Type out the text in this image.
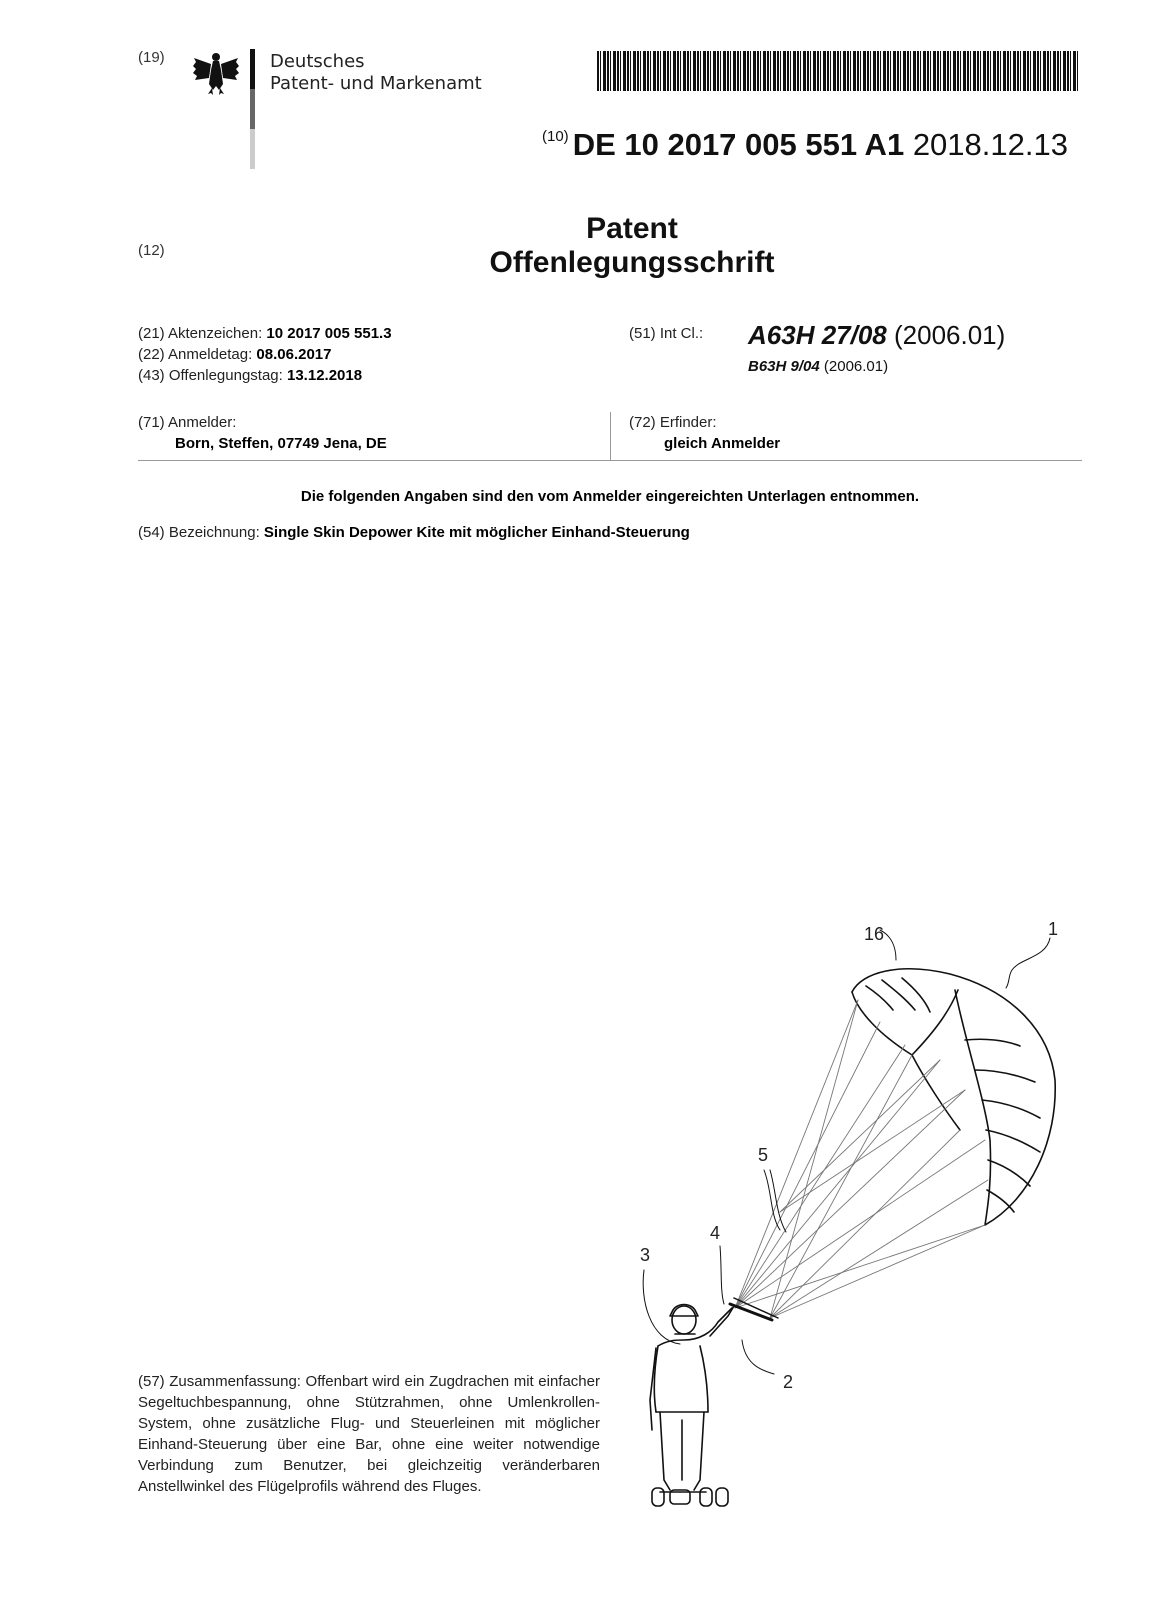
(19)	Deutsches
Patent- und Markenamt
$^{(10)}$ DE 10 2017 005 551 A1 2018.12.13
(12)
Patent
Offenlegungsschrift
(21) Aktenzeichen: 10 2017 005 551.3
(22) Anmeldetag: 08.06.2017
(43) Offenlegungstag: 13.12.2018
(51) Int Cl.: A63H 27/08 (2006.01)
B63H 9/04 (2006.01)
(71) Anmelder:
Born, Steffen, 07749 Jena, DE
(72) Erfinder:
gleich Anmelder
Die folgenden Angaben sind den vom Anmelder eingereichten Unterlagen entnommen.
(54) Bezeichnung: Single Skin Depower Kite mit möglicher Einhand-Steuerung
16	1
5
4
3
2
(57) Zusammenfassung: Offenbart wird ein Zugdrachen mit einfacher Segeltuchbespannung, ohne Stützrahmen, ohne Umlenkrollen-System, ohne zusätzliche Flug- und Steuerleinen mit möglicher Einhand-Steuerung über eine Bar, ohne eine weiter notwendige Verbindung zum Benutzer, bei gleichzeitig veränderbaren Anstellwinkel des Flügelprofils während des Fluges.
